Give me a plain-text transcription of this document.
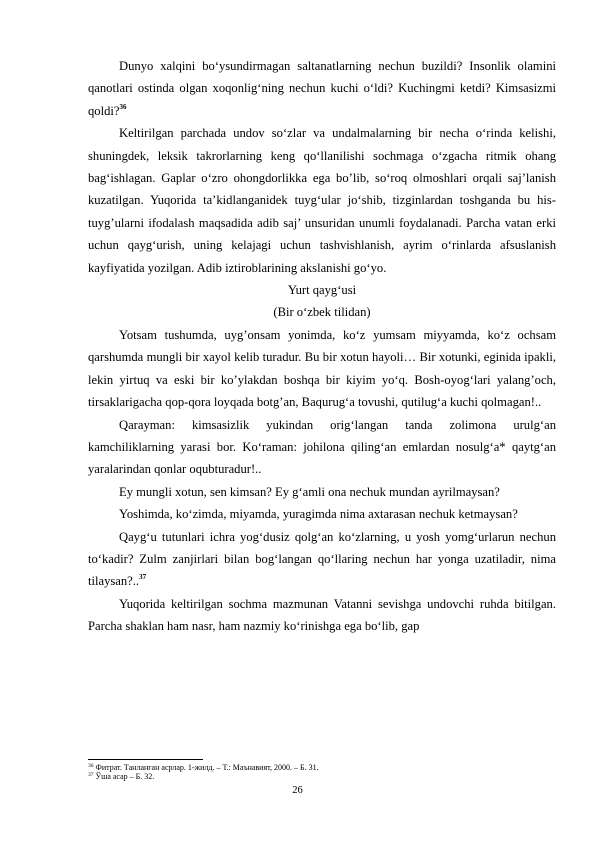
Dunyo xalqini bo‘ysundirmagan saltanatlarning nechun buzildi? Insonlik olamini qanotlari ostinda olgan xoqonlig‘ning nechun kuchi o‘ldi? Kuchingmi ketdi? Kimsasizmi qoldi?$^{36}$

Keltirilgan parchada undov so‘zlar va undalmalarning bir necha o‘rinda kelishi, shuningdek, leksik takrorlarning keng qo‘llanilishi sochmaga o‘zgacha ritmik ohang bag‘ishlagan. Gaplar o‘zro ohongdorlikka ega bo’lib, so‘roq olmoshlari orqali saj’lanish kuzatilgan. Yuqorida ta’kidlanganidek tuyg‘ular jo‘shib, tizginlardan toshganda bu his-tuyg’ularni ifodalash maqsadida adib saj’ unsuridan unumli foydalanadi. Parcha vatan erki uchun qayg‘urish, uning kelajagi uchun tashvishlanish, ayrim o‘rinlarda afsuslanish kayfiyatida yozilgan. Adib iztiroblarining akslanishi go‘yo.

Yurt qayg‘usi

(Bir o‘zbek tilidan)

Yotsam tushumda, uyg’onsam yonimda, ko‘z yumsam miyyamda, ko‘z ochsam qarshumda mungli bir xayol kelib turadur. Bu bir xotun hayoli… Bir xotunki, eginida ipakli, lekin yirtuq va eski bir ko’ylakdan boshqa bir kiyim yo‘q. Bosh-oyog‘lari yalang’och, tirsaklarigacha qop-qora loyqada botg’an, Baqurug‘a tovushi, qutilug‘a kuchi qolmagan!..

Qarayman: kimsasizlik yukindan orig‘langan tanda zolimona urulg‘an kamchiliklarning yarasi bor. Ko‘raman: johilona qiling‘an emlardan nosulg‘a* qaytg‘an yaralarindan qonlar oqubturadur!..

Ey mungli xotun, sen kimsan? Ey g‘amli ona nechuk mundan ayrilmaysan?

Yoshimda, ko‘zimda, miyamda, yuragimda nima axtarasan nechuk ketmaysan?

Qayg‘u tutunlari ichra yog‘dusiz qolg‘an ko‘zlarning, u yosh yomg‘urlarun nechun to‘kadir? Zulm zanjirlari bilan bog‘langan qo‘llaring nechun har yonga uzatiladir, nima tilaysan?..$^{37}$

Yuqorida keltirilgan sochma mazmunan Vatanni sevishga undovchi ruhda bitilgan. Parcha shaklan ham nasr, ham nazmiy ko‘rinishga ega bo‘lib, gap

$^{36}$ Фитрат. Танланган асрлар. 1-жилд. – Т.: Маънавият, 2000. – Б. 31.
$^{37}$ Ўша асар – Б. 32.
26
